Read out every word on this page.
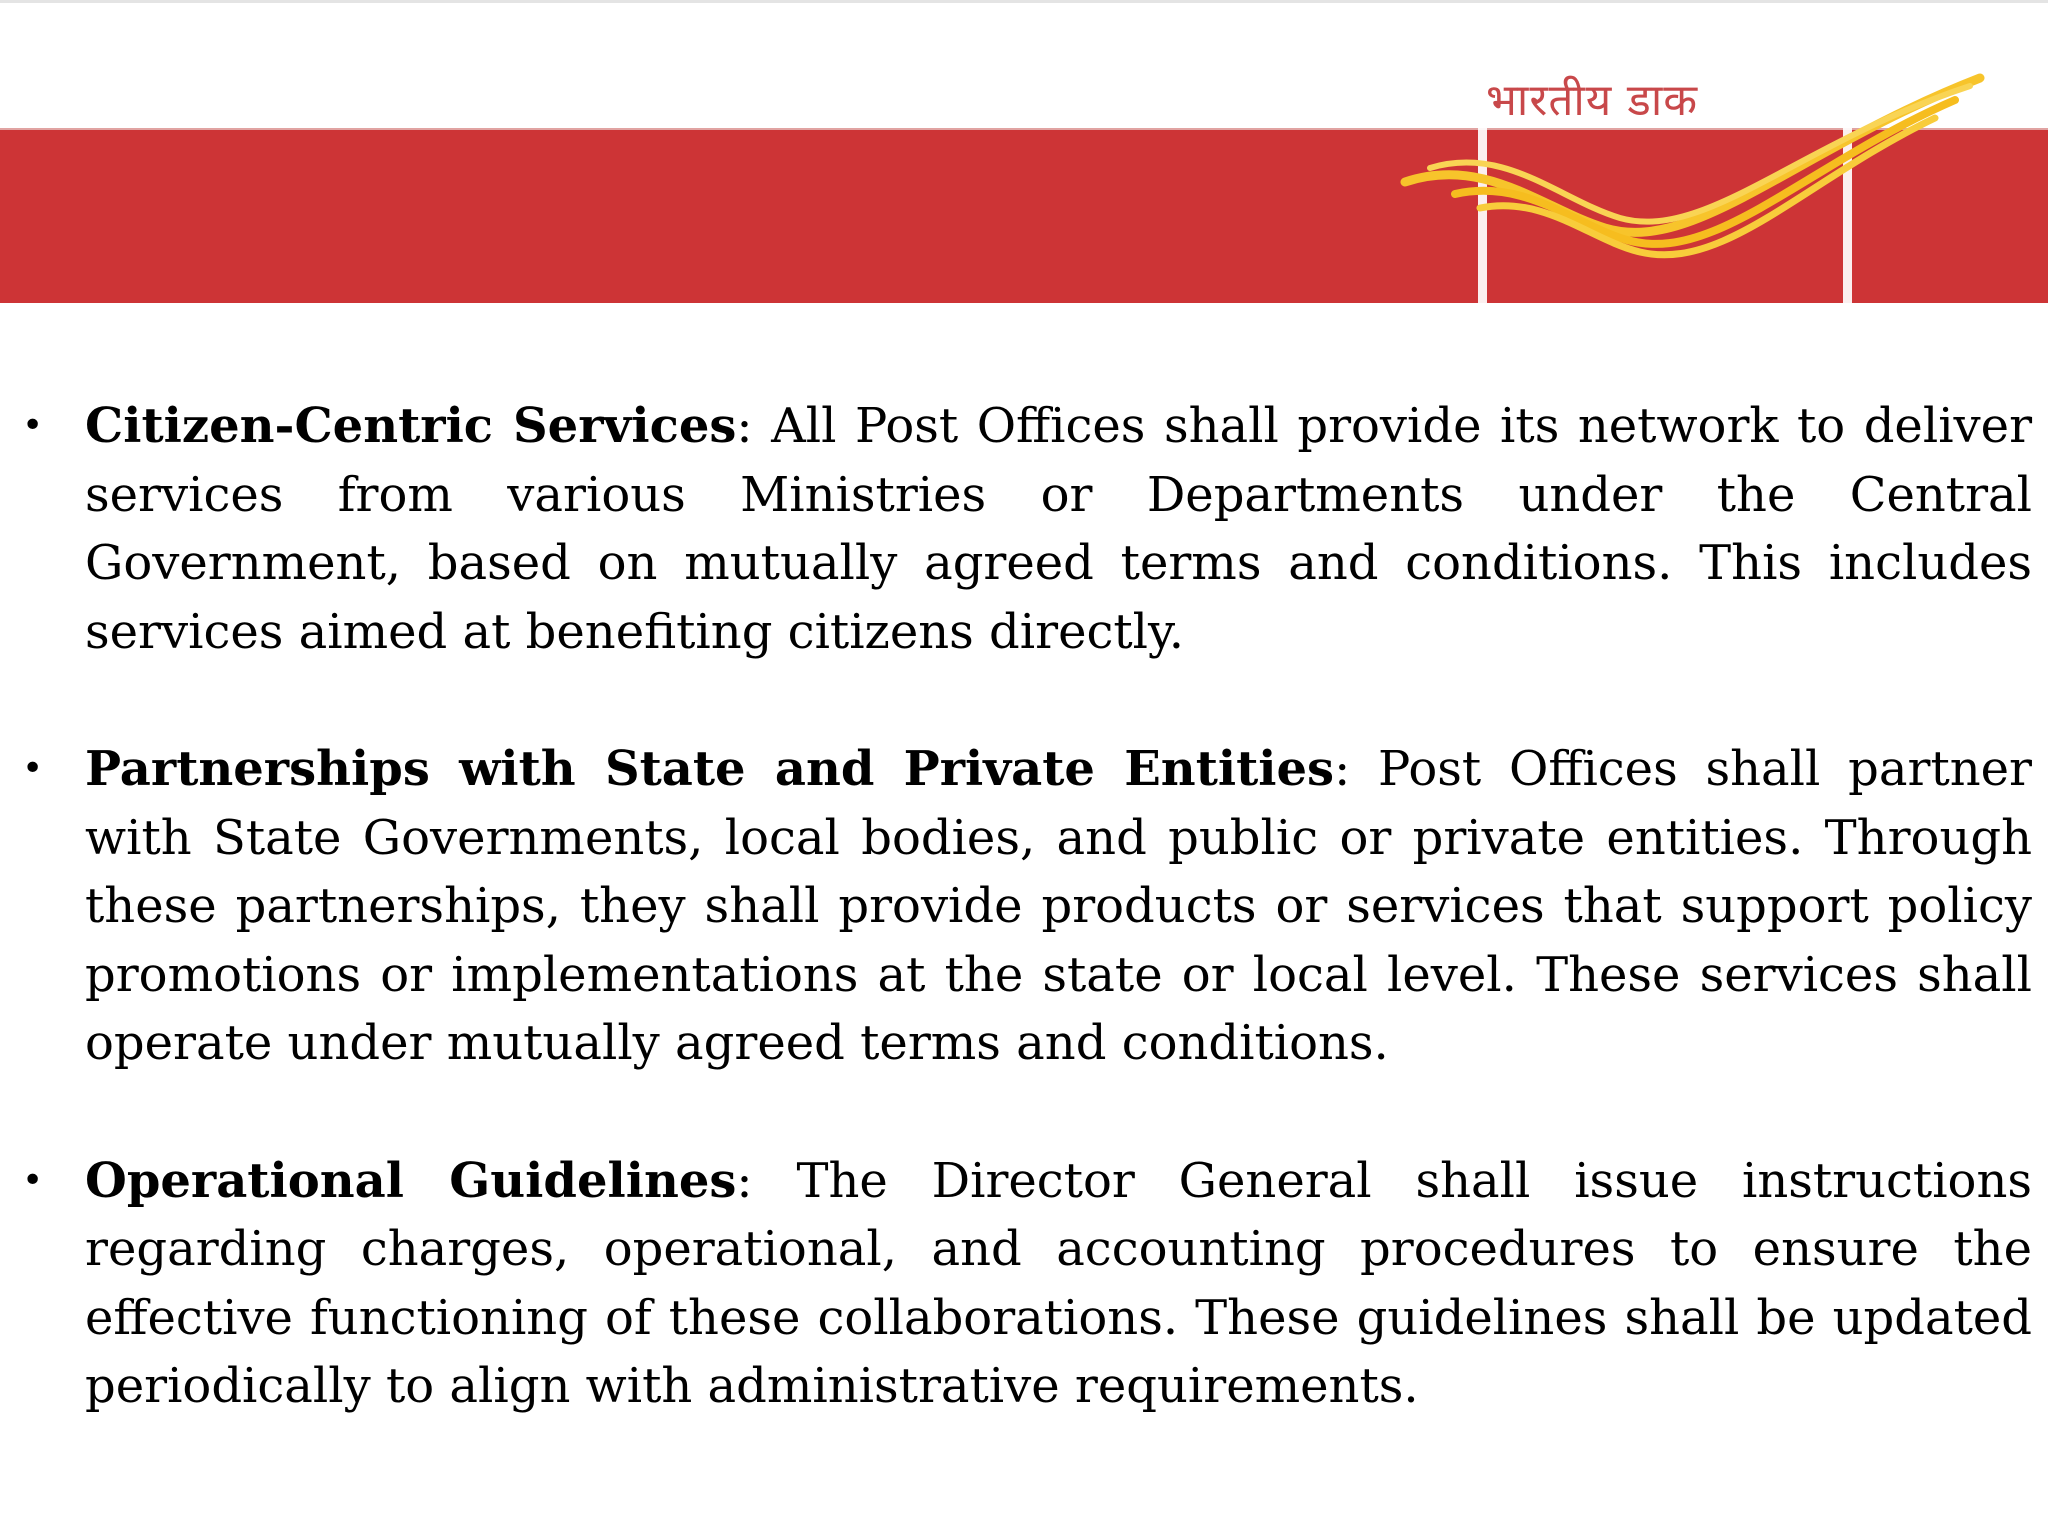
भारतीय डाक
• Citizen-Centric Services: All Post Offices shall provide its network to deliver services from various Ministries or Departments under the Central Government, based on mutually agreed terms and conditions. This includes services aimed at benefiting citizens directly.

• Partnerships with State and Private Entities: Post Offices shall partner with State Governments, local bodies, and public or private entities. Through these partnerships, they shall provide products or services that support policy promotions or implementations at the state or local level. These services shall operate under mutually agreed terms and conditions.

• Operational Guidelines: The Director General shall issue instructions regarding charges, operational, and accounting procedures to ensure the effective functioning of these collaborations. These guidelines shall be updated periodically to align with administrative requirements.
